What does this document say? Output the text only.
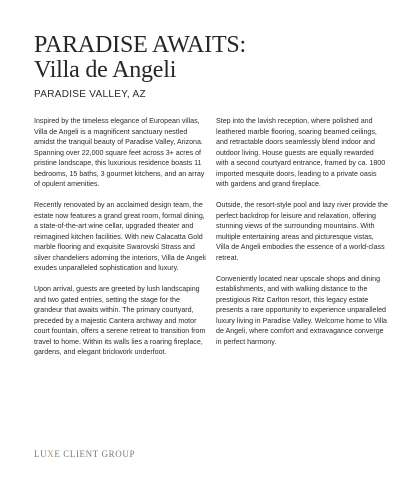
PARADISE AWAITS:
Villa de Angeli
PARADISE VALLEY, AZ

Inspired by the timeless elegance of European villas, Villa de Angeli is a magnificent sanctuary nestled amidst the tranquil beauty of Paradise Valley, Arizona. Spanning over 22,000 square feet across 3+ acres of pristine landscape, this luxurious residence boasts 11 bedrooms, 15 baths, 3 gourmet kitchens, and an array of opulent amenities.

Recently renovated by an acclaimed design team, the estate now features a grand great room, formal dining, a state-of-the-art wine cellar, upgraded theater and reimagined kitchen facilities. With new Calacatta Gold marble flooring and exquisite Swarovski Strass and silver chandeliers adorning the interiors, Villa de Angeli exudes unparalleled sophistication and luxury.

Upon arrival, guests are greeted by lush landscaping and two gated entries, setting the stage for the grandeur that awaits within. The primary courtyard, preceded by a majestic Cantera archway and motor court fountain, offers a serene retreat to transition from travel to home. Within its walls lies a roaring fireplace, gardens, and elegant brickwork underfoot.

Step into the lavish reception, where polished and leathered marble flooring, soaring beamed ceilings, and retractable doors seamlessly blend indoor and outdoor living. House guests are equally rewarded with a second courtyard entrance, framed by ca. 1800 imported mesquite doors, leading to a private oasis with gardens and grand fireplace.

Outside, the resort-style pool and lazy river provide the perfect backdrop for leisure and relaxation, offering stunning views of the surrounding mountains. With multiple entertaining areas and picturesque vistas, Villa de Angeli embodies the essence of a world-class retreat.

Conveniently located near upscale shops and dining establishments, and with walking distance to the prestigious Ritz Carlton resort, this legacy estate presents a rare opportunity to experience unparalleled luxury living in Paradise Valley. Welcome home to Villa de Angeli, where comfort and extravagance converge in perfect harmony.

LUXE CLIENT GROUP
